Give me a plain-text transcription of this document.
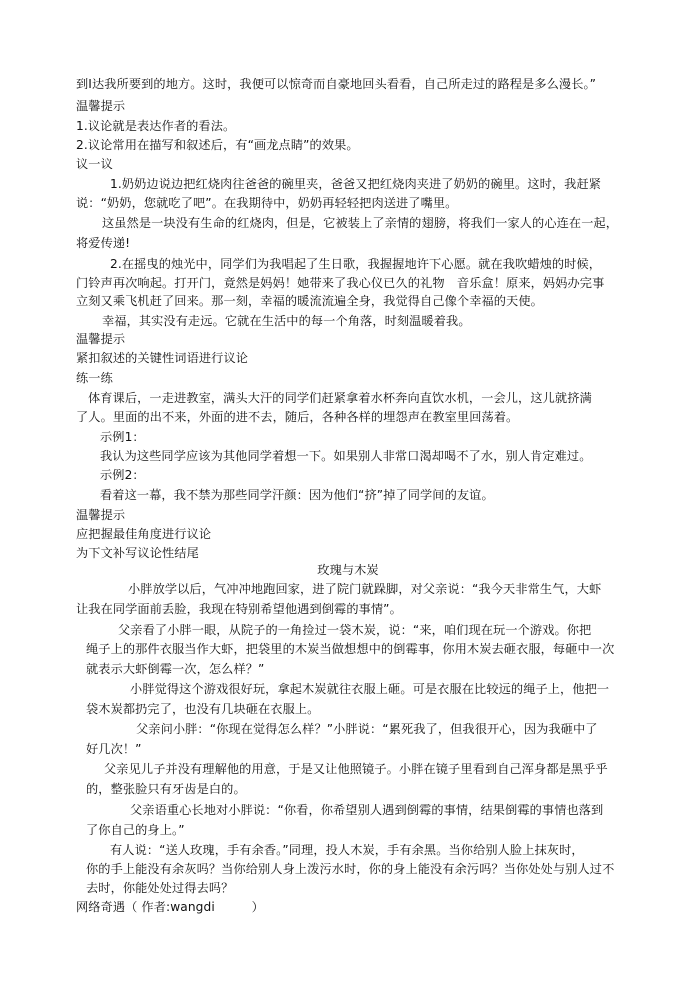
到I达我所要到的地方。这时，我便可以惊奇而自豪地回头看看，自己所走过的路程是多么漫长。”
温馨提示
1.议论就是表达作者的看法。
2.议论常用在描写和叙述后，有“画龙点睛”的效果。
议一议
1.奶奶边说边把红烧肉往爸爸的碗里夹，爸爸又把红烧肉夹进了奶奶的碗里。这时，我赶紧
说：“奶奶，您就吃了吧”。在我期待中，奶奶再轻轻把肉送进了嘴里。
这虽然是一块没有生命的红烧肉，但是，它被装上了亲情的翅膀，将我们一家人的心连在一起，
将爱传递!
2.在摇曳的烛光中，同学们为我唱起了生日歌，我握握地许下心愿。就在我吹蜡烛的时候，
门铃声再次响起。打开门，竟然是妈妈！她带来了我心仪已久的礼物　音乐盒！原来，妈妈办完事
立刻又乘飞机赶了回来。那一刻，幸福的暖流流遍全身，我觉得自己像个幸福的天使。
幸福，其实没有走远。它就在生活中的每一个角落，时刻温暖着我。
温馨提示
紧扣叙述的关键性词语进行议论
练一练
体育课后，一走进教室，满头大汗的同学们赶紧拿着水杯奔向直饮水机，一会儿，这儿就挤满
了人。里面的出不来，外面的进不去，随后，各种各样的埋怨声在教室里回荡着。
示例1：
我认为这些同学应该为其他同学着想一下。如果别人非常口渴却喝不了水，别人肯定难过。
示例2：
看着这一幕，我不禁为那些同学汗颜：因为他们“挤”掉了同学间的友谊。
温馨提示
应把握最佳角度进行议论
为下文补写议论性结尾
玫瑰与木炭
小胖放学以后，气冲冲地跑回家，进了院门就跺脚，对父亲说：“我今天非常生气，大虾
让我在同学面前丢脸，我现在特别希望他遇到倒霉的事情”。
父亲看了小胖一眼，从院子的一角捡过一袋木炭，说：“来，咱们现在玩一个游戏。你把
绳子上的那件衣服当作大虾，把袋里的木炭当做想想中的倒霉事，你用木炭去砸衣服，每砸中一次
就表示大虾倒霉一次，怎么样？”
小胖觉得这个游戏很好玩，拿起木炭就往衣服上砸。可是衣服在比较远的绳子上，他把一
袋木炭都扔完了，也没有几块砸在衣服上。
父亲问小胖：“你现在觉得怎么样？”小胖说：“累死我了，但我很开心，因为我砸中了
好几次！”
父亲见儿子并没有理解他的用意，于是又让他照镜子。小胖在镜子里看到自己浑身都是黑乎乎
的，整张脸只有牙齿是白的。
父亲语重心长地对小胖说：“你看，你希望别人遇到倒霉的事情，结果倒霉的事情也落到
了你自己的身上。”
有人说：“送人玫瑰，手有余香。”同理，投人木炭，手有余黑。当你给别人脸上抹灰时，
你的手上能没有余灰吗？当你给别人身上泼污水时，你的身上能没有余污吗？当你处处与别人过不
去时，你能处处过得去吗？
网络奇遇（ 作者:wangdi　　　）
